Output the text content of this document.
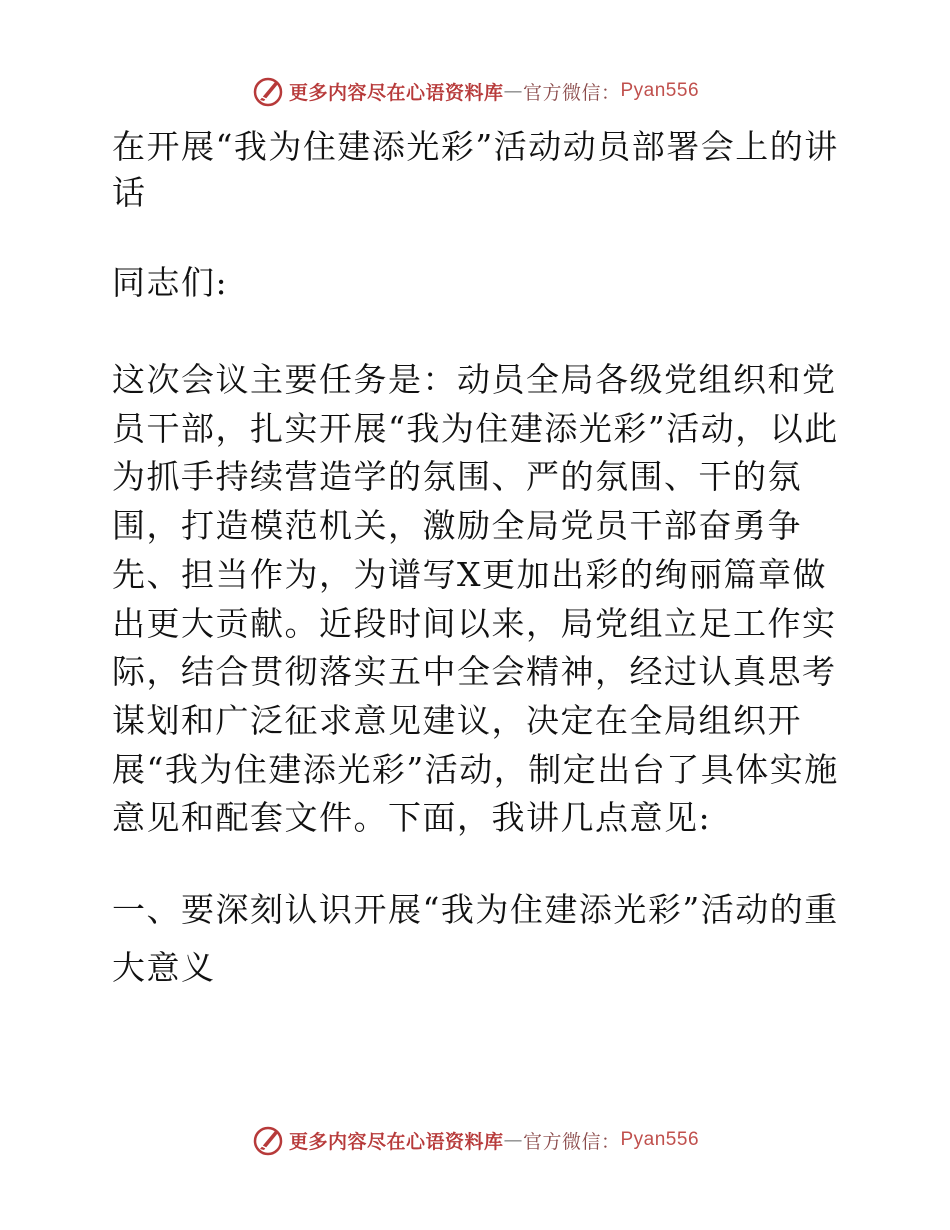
更多内容尽在心语资料库 — 官方微信： Pyan556

在开展“我为住建添光彩”活动动员部署会上的讲话

同志们:

这次会议主要任务是：动员全局各级党组织和党员干部，扎实开展“我为住建添光彩”活动，以此为抓手持续营造学的氛围、严的氛围、干的氛围，打造模范机关，激励全局党员干部奋勇争先、担当作为，为谱写X更加出彩的绚丽篇章做出更大贡献。近段时间以来，局党组立足工作实际，结合贯彻落实五中全会精神，经过认真思考谋划和广泛征求意见建议，决定在全局组织开展“我为住建添光彩”活动，制定出台了具体实施意见和配套文件。下面，我讲几点意见:

一、要深刻认识开展“我为住建添光彩”活动的重大意义

更多内容尽在心语资料库 — 官方微信： Pyan556
